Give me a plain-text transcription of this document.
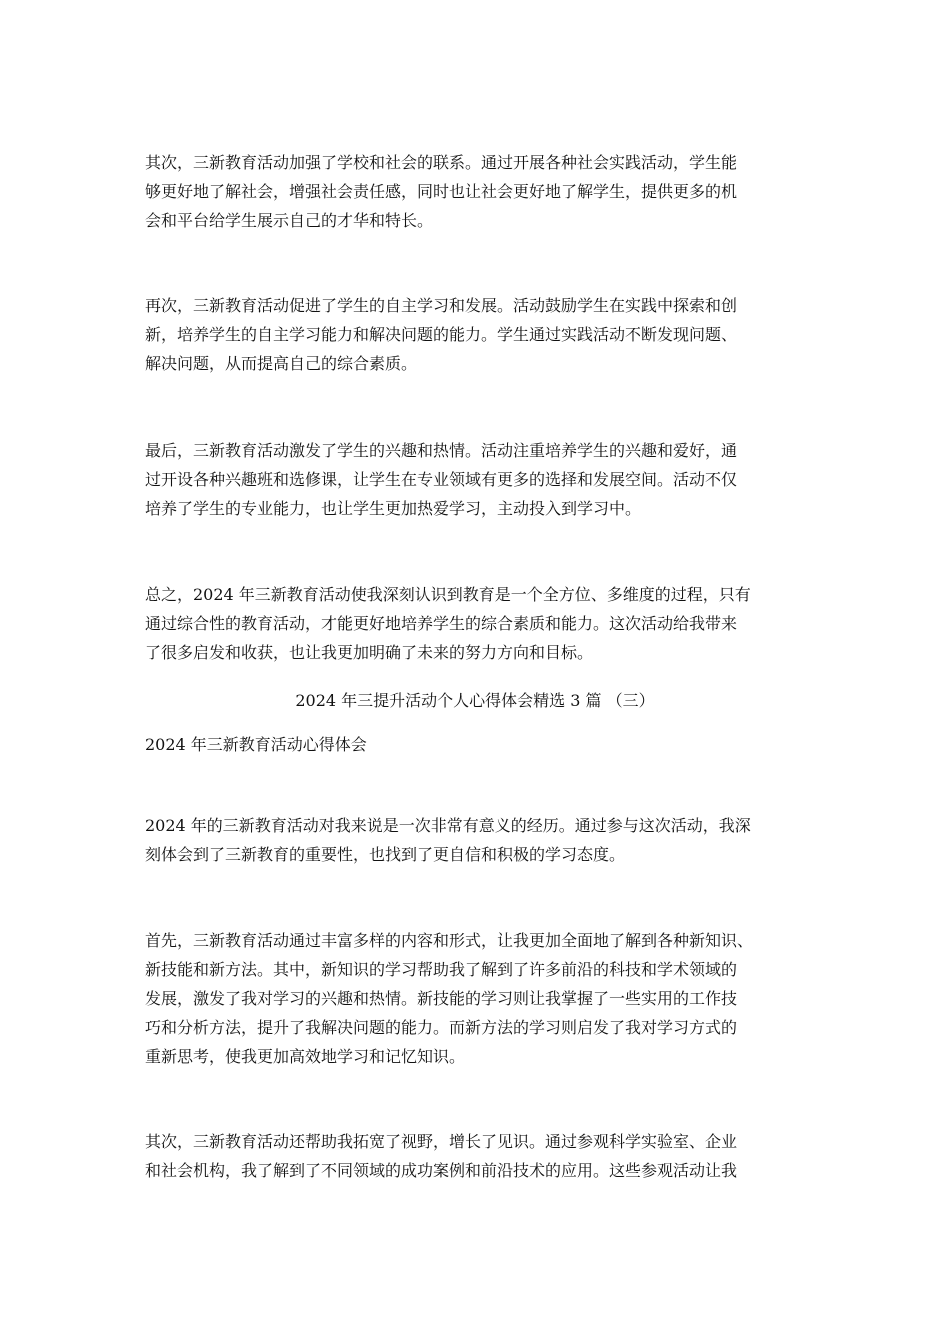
其次，三新教育活动加强了学校和社会的联系。通过开展各种社会实践活动，学生能
够更好地了解社会，增强社会责任感，同时也让社会更好地了解学生，提供更多的机
会和平台给学生展示自己的才华和特长。
再次，三新教育活动促进了学生的自主学习和发展。活动鼓励学生在实践中探索和创
新，培养学生的自主学习能力和解决问题的能力。学生通过实践活动不断发现问题、
解决问题，从而提高自己的综合素质。
最后，三新教育活动激发了学生的兴趣和热情。活动注重培养学生的兴趣和爱好，通
过开设各种兴趣班和选修课，让学生在专业领域有更多的选择和发展空间。活动不仅
培养了学生的专业能力，也让学生更加热爱学习，主动投入到学习中。
总之，2024 年三新教育活动使我深刻认识到教育是一个全方位、多维度的过程，只有
通过综合性的教育活动，才能更好地培养学生的综合素质和能力。这次活动给我带来
了很多启发和收获，也让我更加明确了未来的努力方向和目标。
2024 年三提升活动个人心得体会精选 3 篇 （三）
2024 年三新教育活动心得体会
2024 年的三新教育活动对我来说是一次非常有意义的经历。通过参与这次活动，我深
刻体会到了三新教育的重要性，也找到了更自信和积极的学习态度。
首先，三新教育活动通过丰富多样的内容和形式，让我更加全面地了解到各种新知识、
新技能和新方法。其中，新知识的学习帮助我了解到了许多前沿的科技和学术领域的
发展，激发了我对学习的兴趣和热情。新技能的学习则让我掌握了一些实用的工作技
巧和分析方法，提升了我解决问题的能力。而新方法的学习则启发了我对学习方式的
重新思考，使我更加高效地学习和记忆知识。
其次，三新教育活动还帮助我拓宽了视野，增长了见识。通过参观科学实验室、企业
和社会机构，我了解到了不同领域的成功案例和前沿技术的应用。这些参观活动让我
